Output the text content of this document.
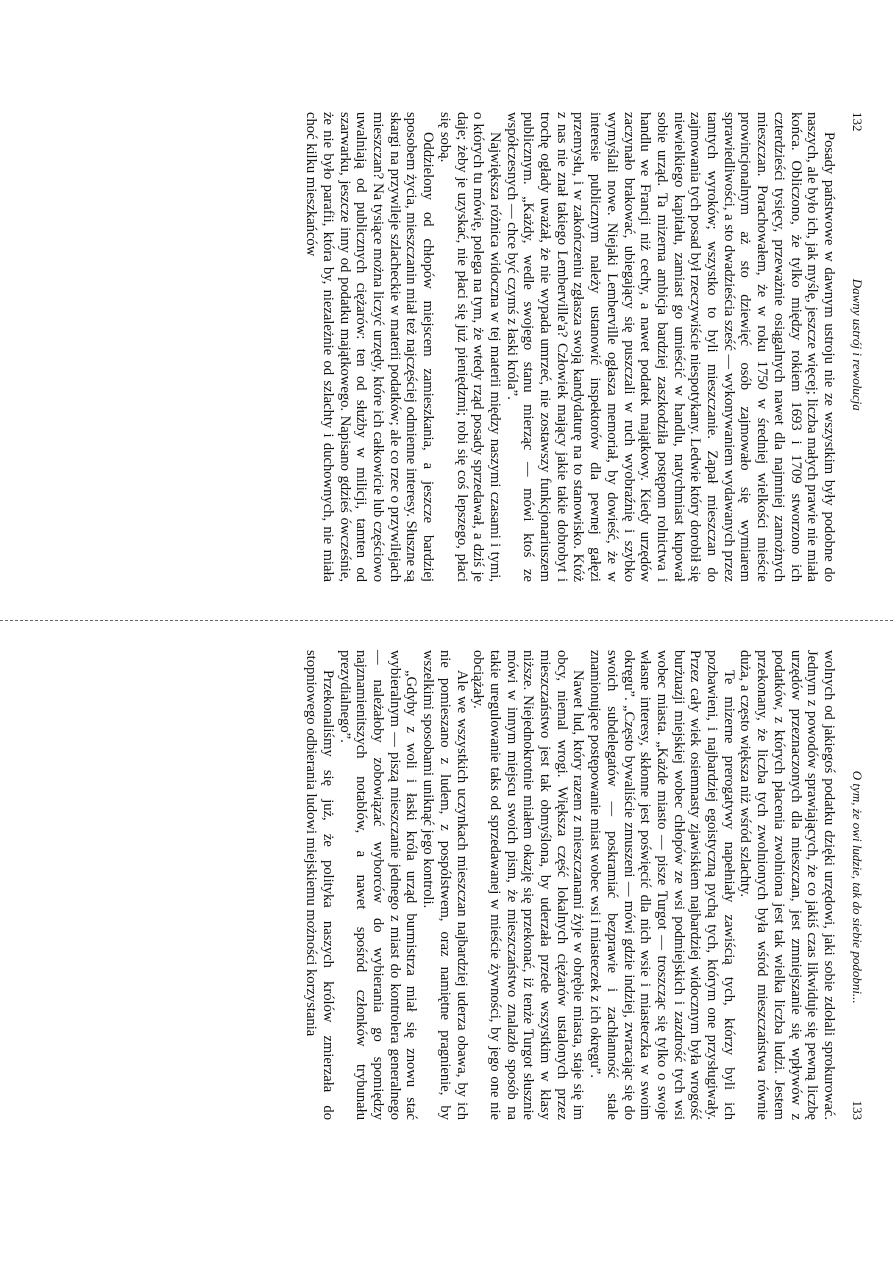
132
Dawny ustrój i rewolucja

Posady państwowe w dawnym ustroju nie ze wszystkim były podobne do naszych, ale było ich, jak myślę, jeszcze więcej; liczba małych prawie nie miała końca. Obliczono, że tylko między rokiem 1693 i 1709 stworzono ich czterdzieści tysięcy, przeważnie osiągalnych nawet dla najmniej zamożnych mieszczan. Porachowałem, że w roku 1750 w średniej wielkości mieście prowincjonalnym aż sto dziewięć osób zajmowało się wymiarem sprawiedliwości, a sto dwadzieścia sześć — wykonywaniem wydawanych przez tamtych wyroków; wszystko to byli mieszczanie. Zapał mieszczan do zajmowania tych posad był rzeczywiście niespotykany. Ledwie który dorobił się niewielkiego kapitału, zamiast go umieścić w handlu, natychmiast kupował sobie urząd. Ta mizerna ambicja bardziej zaszkodziła postępom rolnictwa i handlu we Francji niż cechy, a nawet podatek majątkowy. Kiedy urzędów zaczynało brakować, ubiegający się puszczali w ruch wyobraźnię i szybko wymyślali nowe. Niejaki Lemberville ogłasza memoriał, by dowieść, że w interesie publicznym należy ustanowić inspektorów dla pewnej gałęzi przemysłu, i w zakończeniu zgłasza swoją kandydaturę na to stanowisko. Któż z nas nie znał takiego Lemberville'a? Człowiek mający jakie takie dobrobyt i trochę ogłady uważał, że nie wypada umrzeć, nie zostawszy funkcjonariuszem publicznym. „Każdy, wedle swojego stanu mierząc — mówi ktoś ze współczesnych — chce być czymś z łaski króla”.

Największa różnica widoczna w tej materii między naszymi czasami i tymi, o których tu mówię, polega na tym, że wtedy rząd posady sprzedawał, a dziś je daje; żeby je uzyskać, nie płaci się już pieniędzmi; robi się coś lepszego, płaci się sobą.

Oddzielony od chłopów miejscem zamieszkania, a jeszcze bardziej sposobem życia, mieszczanin miał też najczęściej odmienne interesy. Słuszne są skargi na przywileje szlacheckie w materii podatków; ale co rzec o przywilejach mieszczan? Na tysiące można liczyć urzędy, które ich całkowicie lub częściowo uwalniają od publicznych ciężarów: ten od służby w milicji, tamten od szarwarku, jeszcze inny od podatku majątkowego. Napisano gdzieś ówcześnie, że nie było parafii, która by, niezależnie od szlachty i duchownych, nie miała choć kilku mieszkańców

O tym, że owi ludzie, tak do siebie podobni...
133

wolnych od jakiegoś podatku dzięki urzędowi, jaki sobie zdołali sprokurować. Jednym z powodów sprawiających, że co jakiś czas likwiduje się pewną liczbę urzędów przeznaczonych dla mieszczan, jest zmniejszanie się wpływów z podatków, z których płacenia zwolniona jest tak wielka liczba ludzi. Jestem przekonany, że liczba tych zwolnionych była wśród mieszczaństwa równie duża, a często większa niż wśród szlachty.

Te mizerne prerogatywy napełniały zawiścią tych, którzy byli ich pozbawieni, i najbardziej egoistyczną pychą tych, którym one przysługiwały. Przez cały wiek osiemnasty zjawiskiem najbardziej widocznym była wrogość burżuazji miejskiej wobec chłopów ze wsi podmiejskich i zazdrość tych wsi wobec miasta. „Każde miasto — pisze Turgot — troszcząc się tylko o swoje własne interesy, skłonne jest poświęcić dla nich wsie i miasteczka w swoim okręgu”. „Często bywaliście zmuszeni — mówi gdzie indziej, zwracając się do swoich subdelegatów — poskramiać bezprawie i zachłanność stale znamionujące postępowanie miast wobec wsi i miasteczek z ich okręgu”.

Nawet lud, który razem z mieszczanami żyje w obrębie miasta, staje się im obcy, niemal wrogi. Większa część lokalnych ciężarów ustalonych przez mieszczaństwo jest tak obmyślona, by uderzała przede wszystkim w klasy niższe. Niejednokrotnie miałem okazję się przekonać, iż tenże Turgot słusznie mówi w innym miejscu swoich pism, że mieszczaństwo znalazło sposób na takie uregulowanie taks od sprzedawanej w mieście żywności, by jego one nie obciążały.

Ale we wszystkich uczynkach mieszczan najbardziej uderza obawa, by ich nie pomieszano z ludem, z pospólstwem, oraz namiętne pragnienie, by wszelkimi sposobami uniknąć jego kontroli.

„Gdyby z woli i łaski króla urząd burmistrza miał się znowu stać wybieralnym — piszą mieszczanie jednego z miast do kontrolera generalnego — należałoby zobowiązać wyborców do wybierania go spomiędzy najznamienitszych notablów, a nawet spośród członków trybunału prezydialnego”.

Przekonaliśmy się już, że polityka naszych królów zmierzała do stopniowego odbierania ludowi miejskiemu możności korzystania
